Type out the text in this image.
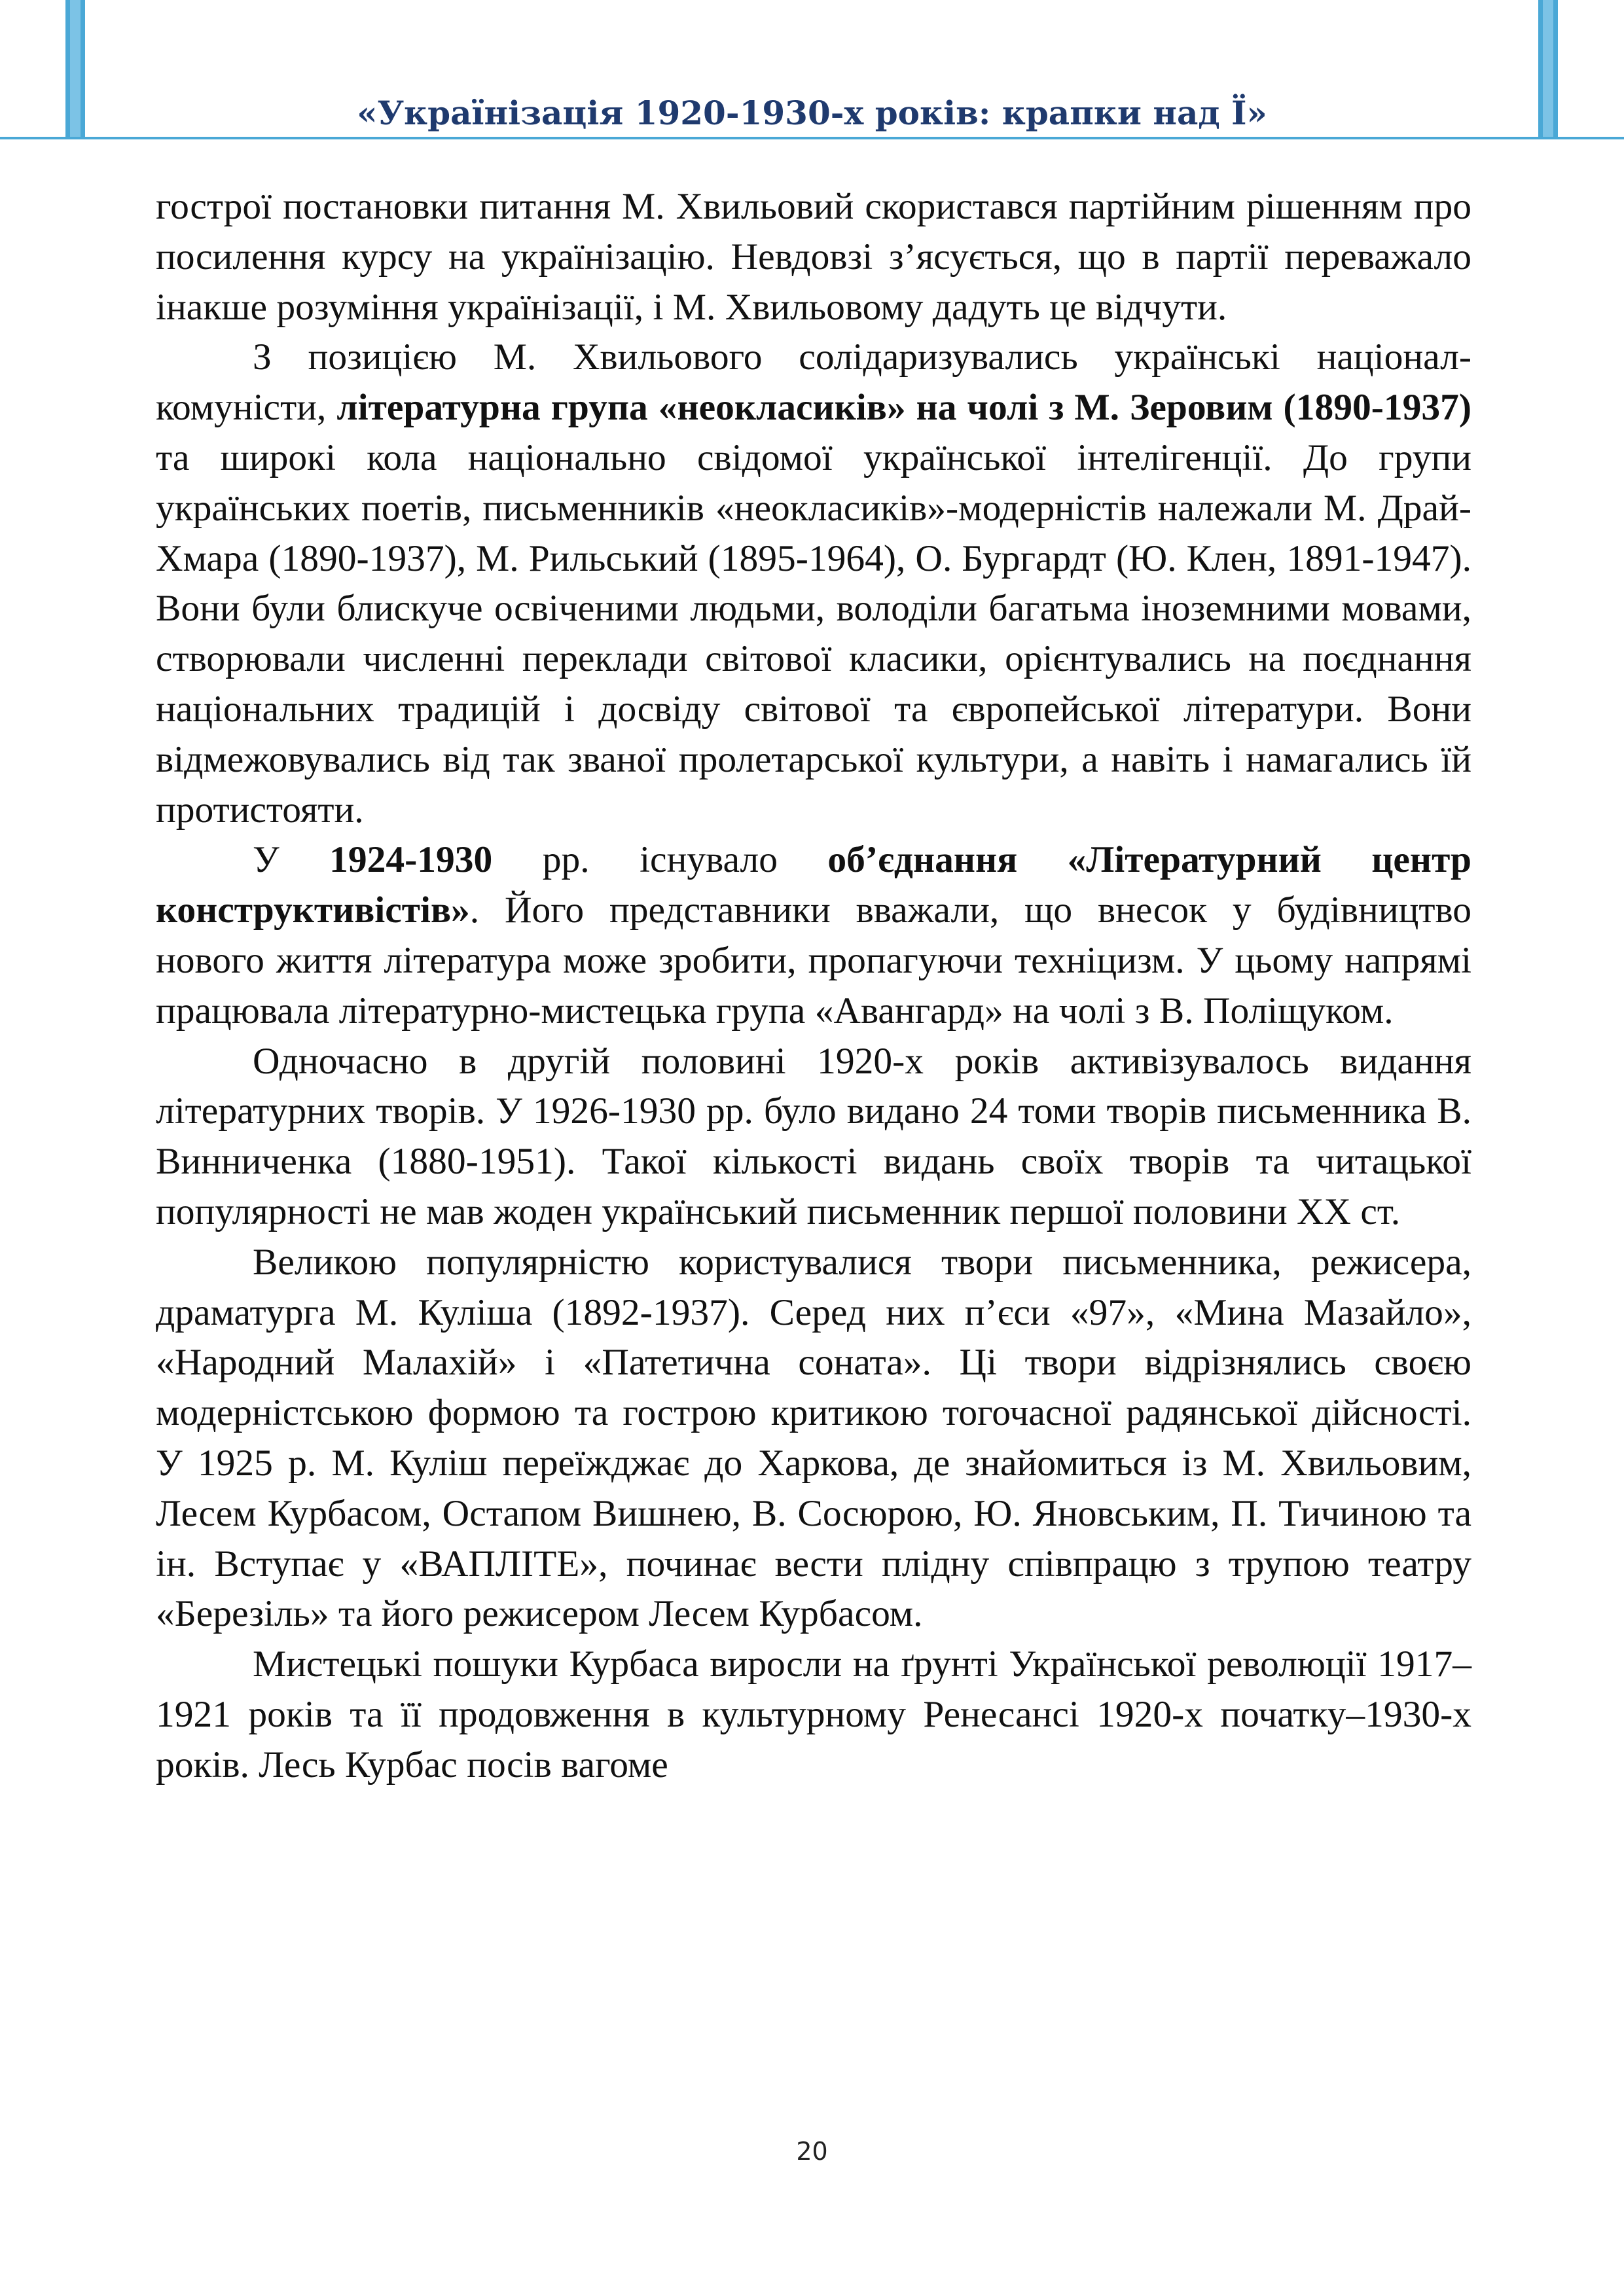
«Українізація 1920-1930-х років: крапки над Ї»

гострої постановки питання М. Хвильовий скористався партійним рішенням про посилення курсу на українізацію. Невдовзі з’ясується, що в партії переважало інакше розуміння українізації, і М. Хвильовому дадуть це відчути.

З позицією М. Хвильового солідаризувались українські націонал-комуністи, літературна група «неокласиків» на чолі з М. Зеровим (1890-1937) та широкі кола національно свідомої української інтелігенції. До групи українських поетів, письменників «неокласиків»-модерністів належали М. Драй-Хмара (1890-1937), М. Рильський (1895-1964), О. Бургардт (Ю. Клен, 1891-1947). Вони були блискуче освіченими людьми, володіли багатьма іноземними мовами, створювали численні переклади світової класики, орієнтувались на поєднання національних традицій і досвіду світової та європейської літератури. Вони відмежовувались від так званої пролетарської культури, а навіть і намагались їй протистояти.

У 1924-1930 рр. існувало об’єднання «Літературний центр конструктивістів». Його представники вважали, що внесок у будівництво нового життя література може зробити, пропагуючи техніцизм. У цьому напрямі працювала літературно-мистецька група «Авангард» на чолі з В. Поліщуком.

Одночасно в другій половині 1920-х років активізувалось видання літературних творів. У 1926-1930 рр. було видано 24 томи творів письменника В. Винниченка (1880-1951). Такої кількості видань своїх творів та читацької популярності не мав жоден український письменник першої половини ХХ ст.

Великою популярністю користувалися твори письменника, режисера, драматурга М. Куліша (1892-1937). Серед них п’єси «97», «Мина Мазайло», «Народний Малахій» і «Патетична соната». Ці твори відрізнялись своєю модерністською формою та гострою критикою тогочасної радянської дійсності. У 1925 р. М. Куліш переїжджає до Харкова, де знайомиться із М. Хвильовим, Лесем Курбасом, Остапом Вишнею, В. Сосюрою, Ю. Яновським, П. Тичиною та ін. Вступає у «ВАПЛІТЕ», починає вести плідну співпрацю з трупою театру «Березіль» та його режисером Лесем Курбасом.

Мистецькі пошуки Курбаса виросли на ґрунті Української революції 1917–1921 років та її продовження в культурному Ренесансі 1920-х початку–1930-х років. Лесь Курбас посів вагоме

20
